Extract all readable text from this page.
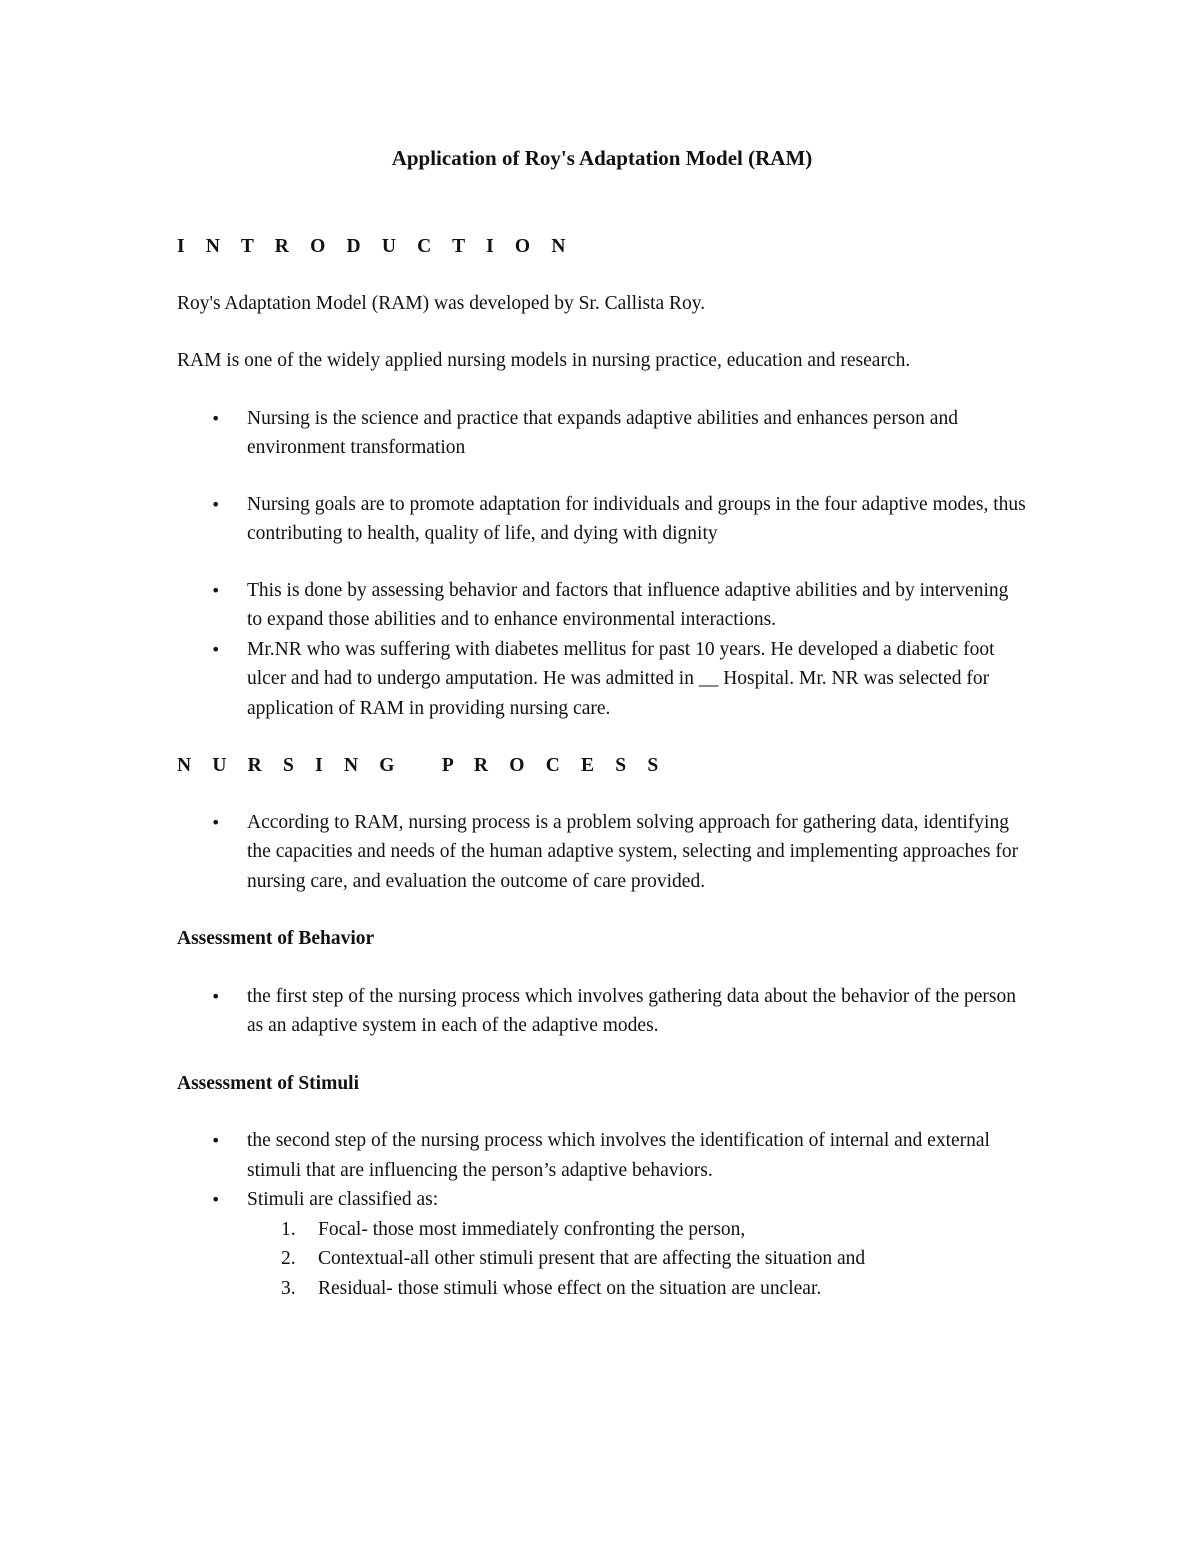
Application of Roy's Adaptation Model (RAM)
I N T R O D U C T I O N

Roy's Adaptation Model (RAM) was developed by Sr. Callista Roy.

RAM is one of the widely applied nursing models in nursing practice, education and research.

• Nursing is the science and practice that expands adaptive abilities and enhances person and environment transformation
• Nursing goals are to promote adaptation for individuals and groups in the four adaptive modes, thus contributing to health, quality of life, and dying with dignity
• This is done by assessing behavior and factors that influence adaptive abilities and by intervening to expand those abilities and to enhance environmental interactions.
• Mr.NR who was suffering with diabetes mellitus for past 10 years. He developed a diabetic foot ulcer and had to undergo amputation. He was admitted in __ Hospital. Mr. NR was selected for application of RAM in providing nursing care.
N U R S I N G   P R O C E S S
• According to RAM, nursing process is a problem solving approach for gathering data, identifying the capacities and needs of the human adaptive system, selecting and implementing approaches for nursing care, and evaluation the outcome of care provided.
Assessment of Behavior
• the first step of the nursing process which involves gathering data about the behavior of the person as an adaptive system in each of the adaptive modes.
Assessment of Stimuli
• the second step of the nursing process which involves the identification of internal and external stimuli that are influencing the person’s adaptive behaviors.
• Stimuli are classified as:
1. Focal- those most immediately confronting the person,
2. Contextual-all other stimuli present that are affecting the situation and
3. Residual- those stimuli whose effect on the situation are unclear.
